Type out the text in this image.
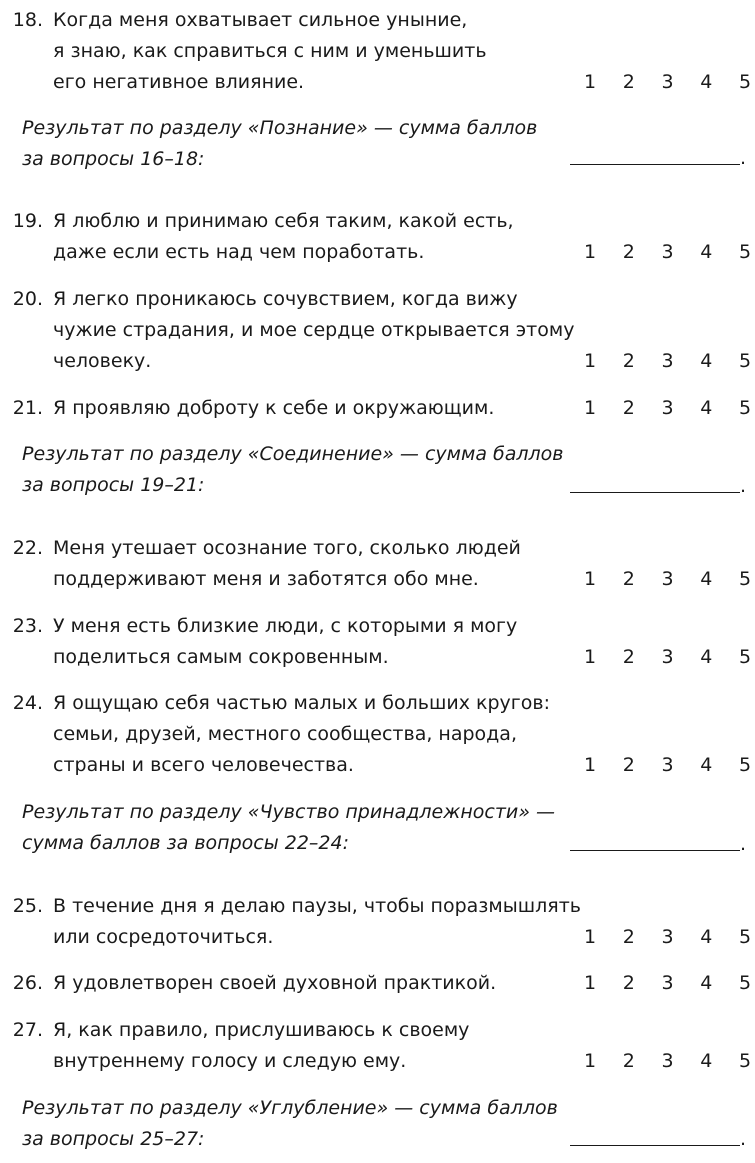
18. Когда меня охватывает сильное уныние,
я знаю, как справиться с ним и уменьшить
его негативное влияние.	1 2 3 4 5
Результат по разделу «Познание» — сумма баллов
за вопросы 16–18:	.
19. Я люблю и принимаю себя таким, какой есть,
даже если есть над чем поработать.	1 2 3 4 5
20. Я легко проникаюсь сочувствием, когда вижу
чужие страдания, и мое сердце открывается этому
человеку.	1 2 3 4 5
21. Я проявляю доброту к себе и окружающим.	1 2 3 4 5
Результат по разделу «Соединение» — сумма баллов
за вопросы 19–21:	.
22. Меня утешает осознание того, сколько людей
поддерживают меня и заботятся обо мне.	1 2 3 4 5
23. У меня есть близкие люди, с которыми я могу
поделиться самым сокровенным.	1 2 3 4 5
24. Я ощущаю себя частью малых и больших кругов:
семьи, друзей, местного сообщества, народа,
страны и всего человечества.	1 2 3 4 5
Результат по разделу «Чувство принадлежности» —
сумма баллов за вопросы 22–24:	.
25. В течение дня я делаю паузы, чтобы поразмышлять
или сосредоточиться.	1 2 3 4 5
26. Я удовлетворен своей духовной практикой.	1 2 3 4 5
27. Я, как правило, прислушиваюсь к своему
внутреннему голосу и следую ему.	1 2 3 4 5
Результат по разделу «Углубление» — сумма баллов
за вопросы 25–27:	.
